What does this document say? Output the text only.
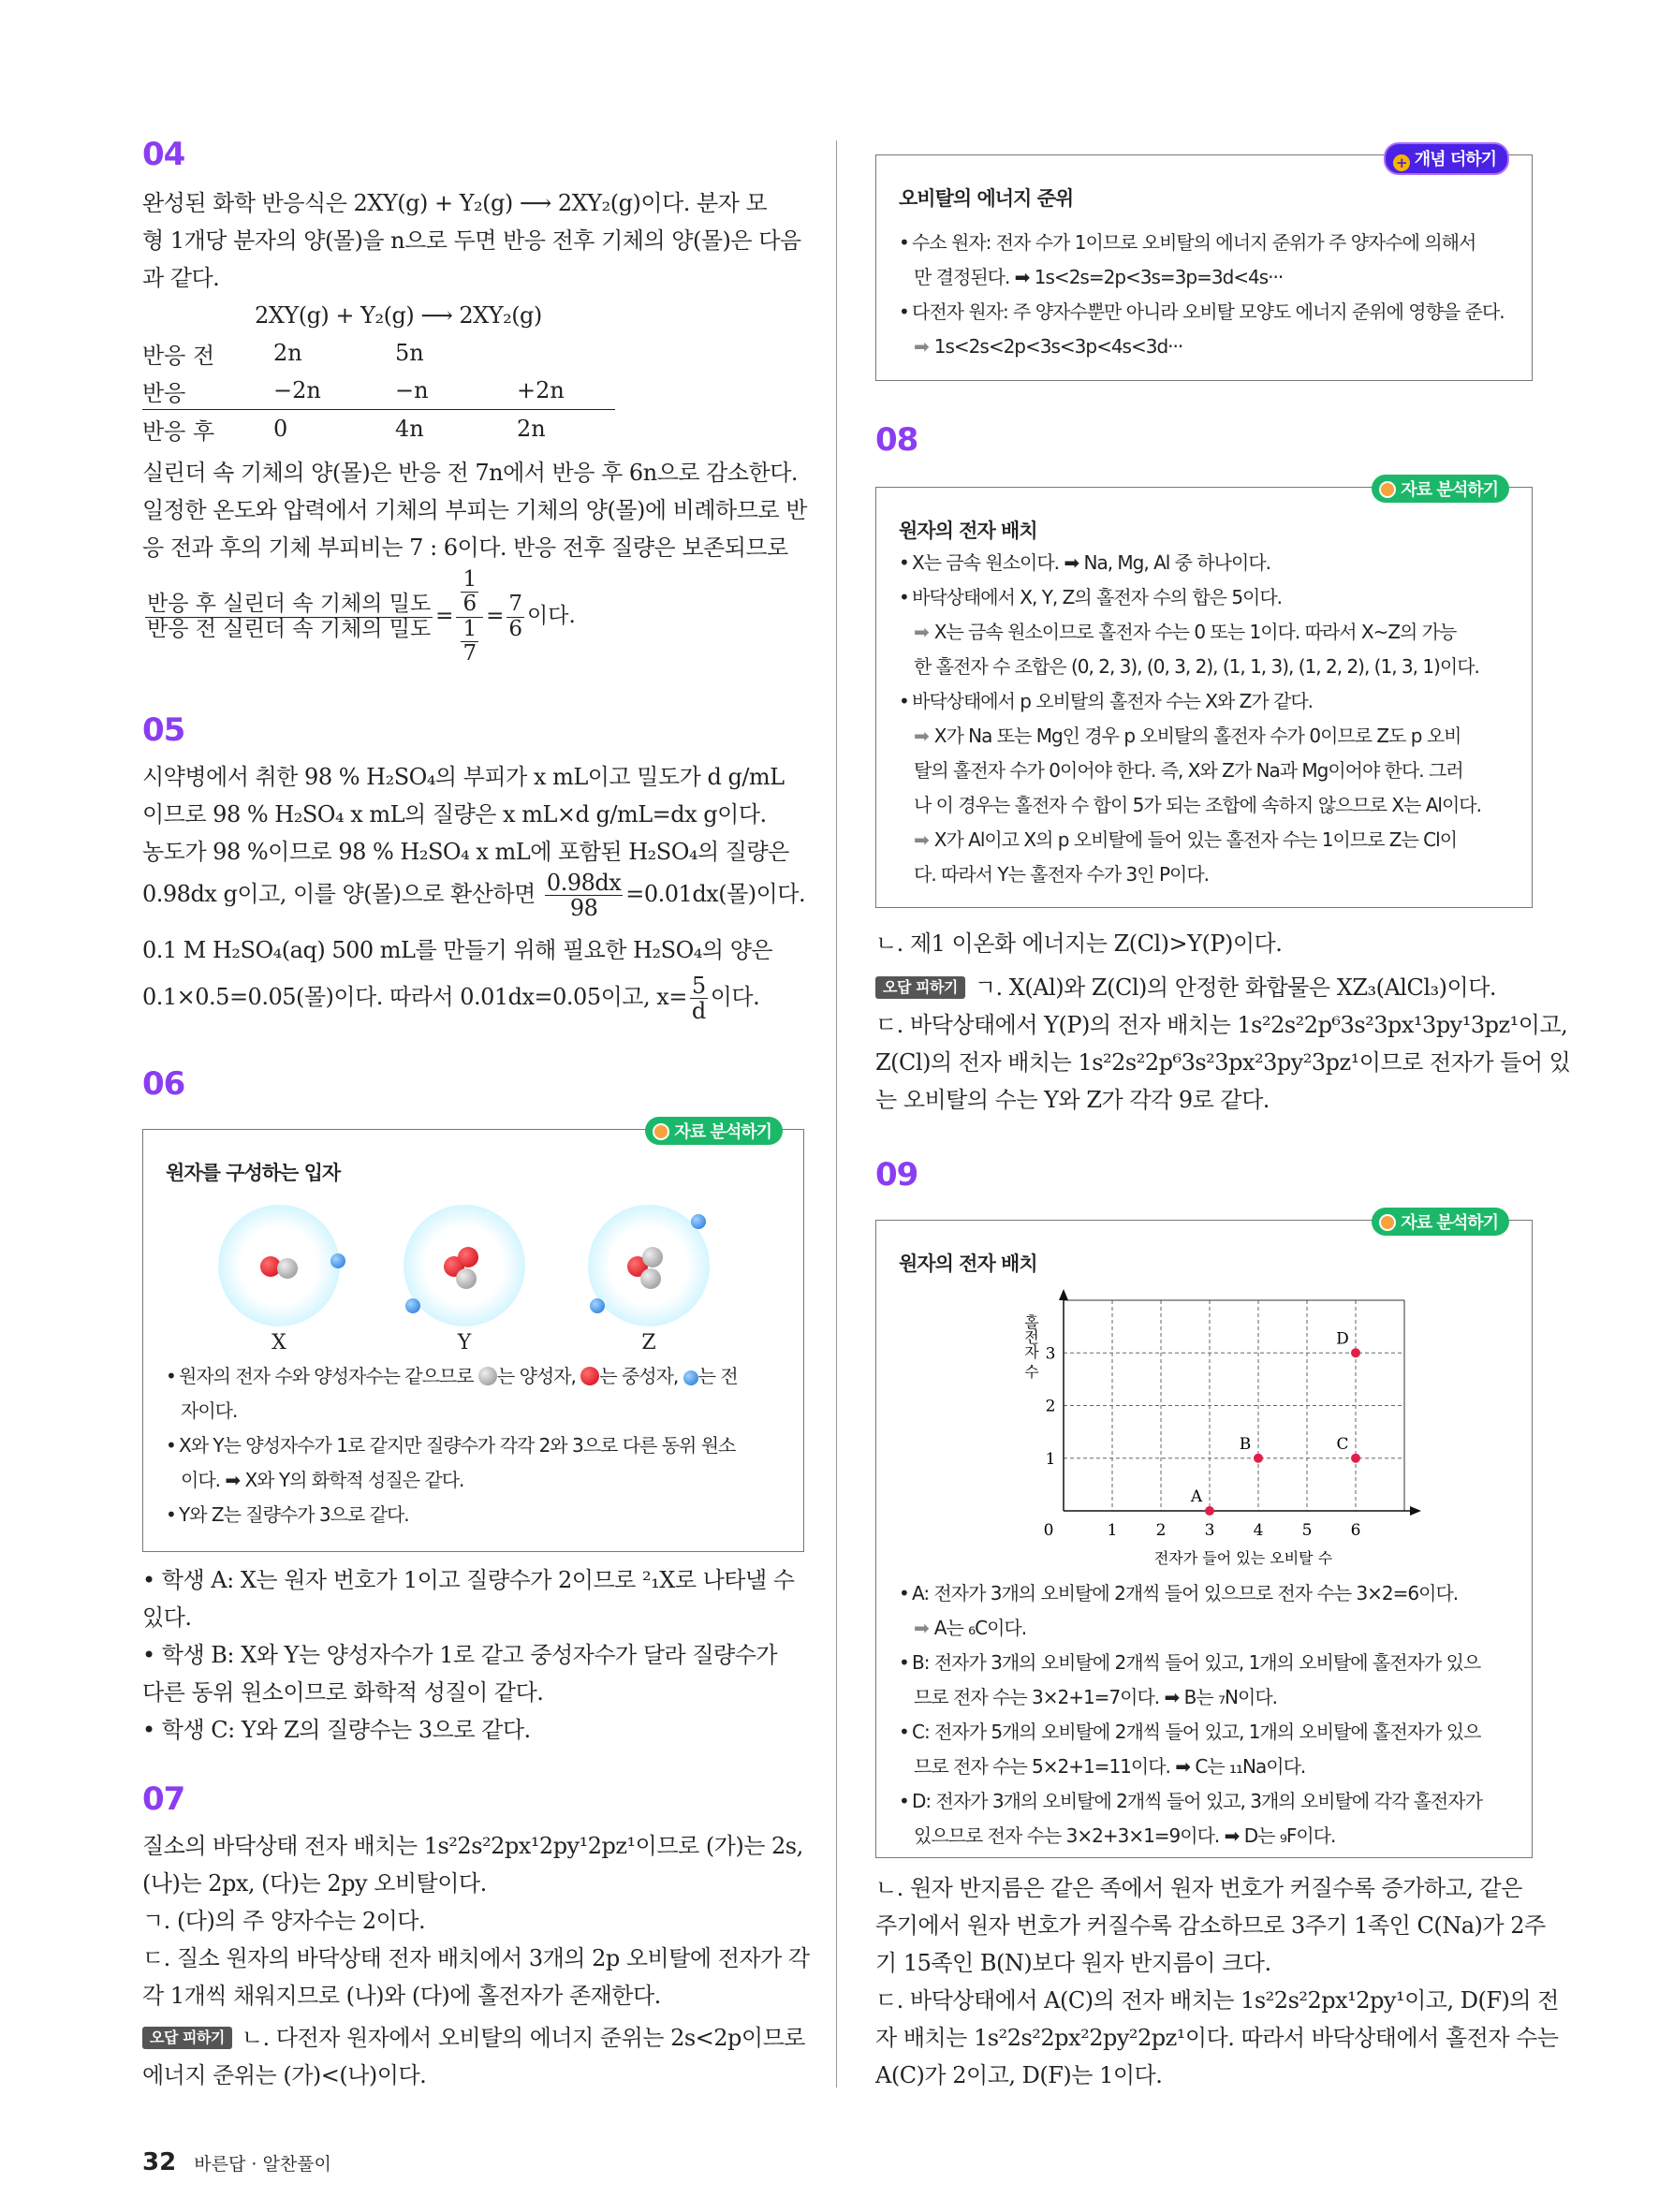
04
완성된 화학 반응식은 2XY(g) + Y₂(g) ⟶ 2XY₂(g)이다. 분자 모
형 1개당 분자의 양(몰)을 n으로 두면 반응 전후 기체의 양(몰)은 다음
과 같다.
2XY(g) + Y₂(g) ⟶ 2XY₂(g)
반응 전	2n	5n	
반응	−2n	−n	+2n
반응 후	0	4n	2n
실린더 속 기체의 양(몰)은 반응 전 7n에서 반응 후 6n으로 감소한다.
일정한 온도와 압력에서 기체의 부피는 기체의 양(몰)에 비례하므로 반
응 전과 후의 기체 부피비는 7 : 6이다. 반응 전후 질량은 보존되므로
$\frac{\text{반응 후 실린더 속 기체의 밀도}}{\text{반응 전 실린더 속 기체의 밀도}} = \frac{\frac{1}{6}}{\frac{1}{7}} = \frac{7}{6}$ 이다.
05
시약병에서 취한 98 % H₂SO₄의 부피가 x mL이고 밀도가 d g/mL
이므로 98 % H₂SO₄ x mL의 질량은 x mL×d g/mL=dx g이다.
농도가 98 %이므로 98 % H₂SO₄ x mL에 포함된 H₂SO₄의 질량은
0.98dx g이고, 이를 양(몰)으로 환산하면 $\frac{0.98dx}{98} =0.01dx$(몰)이다.
0.1 M H₂SO₄(aq) 500 mL를 만들기 위해 필요한 H₂SO₄의 양은
0.1×0.5=0.05(몰)이다. 따라서 0.01dx=0.05이고, $x= \frac{5}{d}$ 이다.
06
자료 분석하기
원자를 구성하는 입자
X	Y	Z
• 원자의 전자 수와 양성자수는 같으므로 는 양성자, 는 중성자, 는 전
자이다.
• X와 Y는 양성자수가 1로 같지만 질량수가 각각 2와 3으로 다른 동위 원소
이다. ➡ X와 Y의 화학적 성질은 같다.
• Y와 Z는 질량수가 3으로 같다.
• 학생 A: X는 원자 번호가 1이고 질량수가 2이므로 ²₁X로 나타낼 수
있다.
• 학생 B: X와 Y는 양성자수가 1로 같고 중성자수가 달라 질량수가
다른 동위 원소이므로 화학적 성질이 같다.
• 학생 C: Y와 Z의 질량수는 3으로 같다.
07
질소의 바닥상태 전자 배치는 1s²2s²2px¹2py¹2pz¹이므로 (가)는 2s,
(나)는 2px, (다)는 2py 오비탈이다.
ㄱ. (다)의 주 양자수는 2이다.
ㄷ. 질소 원자의 바닥상태 전자 배치에서 3개의 2p 오비탈에 전자가 각
각 1개씩 채워지므로 (나)와 (다)에 홀전자가 존재한다.
오답 피하기 ㄴ. 다전자 원자에서 오비탈의 에너지 준위는 2s<2p이므로
에너지 준위는 (가)<(나)이다.
+ 개념 더하기
오비탈의 에너지 준위
• 수소 원자: 전자 수가 1이므로 오비탈의 에너지 준위가 주 양자수에 의해서
만 결정된다. ➡ 1s<2s=2p<3s=3p=3d<4s···
• 다전자 원자: 주 양자수뿐만 아니라 오비탈 모양도 에너지 준위에 영향을 준다.
➡ 1s<2s<2p<3s<3p<4s<3d···
08
자료 분석하기
원자의 전자 배치
• X는 금속 원소이다. ➡ Na, Mg, Al 중 하나이다.
• 바닥상태에서 X, Y, Z의 홀전자 수의 합은 5이다.
➡ X는 금속 원소이므로 홀전자 수는 0 또는 1이다. 따라서 X~Z의 가능
한 홀전자 수 조합은 (0, 2, 3), (0, 3, 2), (1, 1, 3), (1, 2, 2), (1, 3, 1)이다.
• 바닥상태에서 p 오비탈의 홀전자 수는 X와 Z가 같다.
➡ X가 Na 또는 Mg인 경우 p 오비탈의 홀전자 수가 0이므로 Z도 p 오비
탈의 홀전자 수가 0이어야 한다. 즉, X와 Z가 Na과 Mg이어야 한다. 그러
나 이 경우는 홀전자 수 합이 5가 되는 조합에 속하지 않으므로 X는 Al이다.
➡ X가 Al이고 X의 p 오비탈에 들어 있는 홀전자 수는 1이므로 Z는 Cl이
다. 따라서 Y는 홀전자 수가 3인 P이다.
ㄴ. 제1 이온화 에너지는 Z(Cl)>Y(P)이다.
오답 피하기 ㄱ. X(Al)와 Z(Cl)의 안정한 화합물은 XZ₃(AlCl₃)이다.
ㄷ. 바닥상태에서 Y(P)의 전자 배치는 1s²2s²2p⁶3s²3px¹3py¹3pz¹이고,
Z(Cl)의 전자 배치는 1s²2s²2p⁶3s²3px²3py²3pz¹이므로 전자가 들어 있
는 오비탈의 수는 Y와 Z가 각각 9로 같다.
09
자료 분석하기
원자의 전자 배치
0	1 2 3 4 5 6
1
2
3
전자가 들어 있는 오비탈 수
홀전자 수
A
B	C
D
• A: 전자가 3개의 오비탈에 2개씩 들어 있으므로 전자 수는 3×2=6이다.
➡ A는 ₆C이다.
• B: 전자가 3개의 오비탈에 2개씩 들어 있고, 1개의 오비탈에 홀전자가 있으
므로 전자 수는 3×2+1=7이다. ➡ B는 ₇N이다.
• C: 전자가 5개의 오비탈에 2개씩 들어 있고, 1개의 오비탈에 홀전자가 있으
므로 전자 수는 5×2+1=11이다. ➡ C는 ₁₁Na이다.
• D: 전자가 3개의 오비탈에 2개씩 들어 있고, 3개의 오비탈에 각각 홀전자가
있으므로 전자 수는 3×2+3×1=9이다. ➡ D는 ₉F이다.
ㄴ. 원자 반지름은 같은 족에서 원자 번호가 커질수록 증가하고, 같은
주기에서 원자 번호가 커질수록 감소하므로 3주기 1족인 C(Na)가 2주
기 15족인 B(N)보다 원자 반지름이 크다.
ㄷ. 바닥상태에서 A(C)의 전자 배치는 1s²2s²2px¹2py¹이고, D(F)의 전
자 배치는 1s²2s²2px²2py²2pz¹이다. 따라서 바닥상태에서 홀전자 수는
A(C)가 2이고, D(F)는 1이다.
32 바른답 · 알찬풀이
